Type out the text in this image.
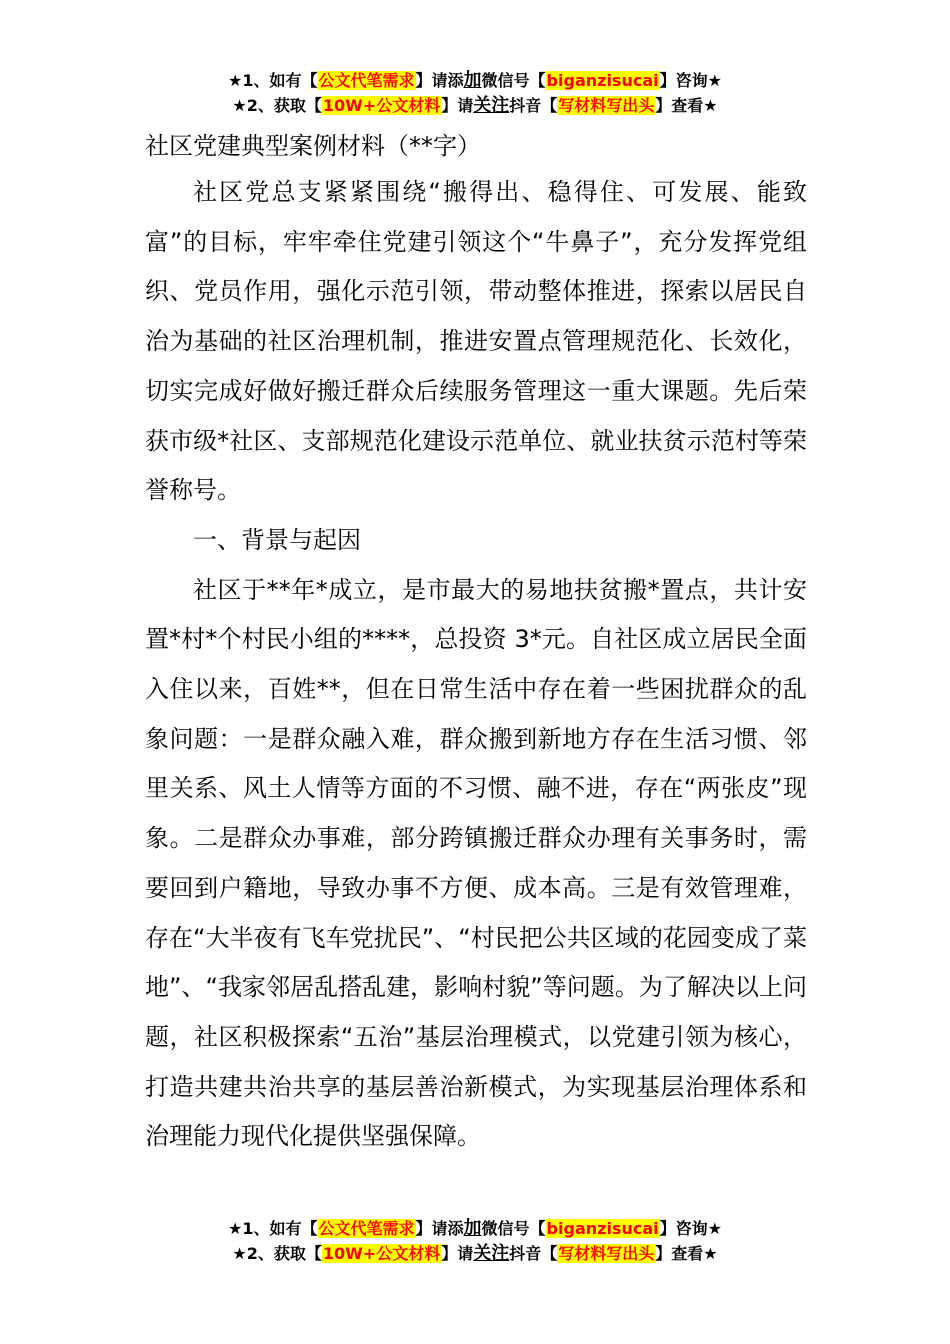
★1、如有【公文代笔需求】请添加微信号【biganzisucai】咨询★
★2、获取【10W+公文材料】请关注抖音【写材料写出头】查看★
社区党建典型案例材料（**字）

社区党总支紧紧围绕“搬得出、稳得住、可发展、能致富”的目标，牢牢牵住党建引领这个“牛鼻子”，充分发挥党组织、党员作用，强化示范引领，带动整体推进，探索以居民自治为基础的社区治理机制，推进安置点管理规范化、长效化，切实完成好做好搬迁群众后续服务管理这一重大课题。先后荣获市级*社区、支部规范化建设示范单位、就业扶贫示范村等荣誉称号。

一、背景与起因

社区于**年*成立，是市最大的易地扶贫搬*置点，共计安置*村*个村民小组的****，总投资 3*元。自社区成立居民全面入住以来，百姓**，但在日常生活中存在着一些困扰群众的乱象问题：一是群众融入难，群众搬到新地方存在生活习惯、邻里关系、风土人情等方面的不习惯、融不进，存在“两张皮”现象。二是群众办事难，部分跨镇搬迁群众办理有关事务时，需要回到户籍地，导致办事不方便、成本高。三是有效管理难，存在“大半夜有飞车党扰民”、“村民把公共区域的花园变成了菜地”、“我家邻居乱搭乱建，影响村貌”等问题。为了解决以上问题，社区积极探索“五治”基层治理模式，以党建引领为核心，打造共建共治共享的基层善治新模式，为实现基层治理体系和治理能力现代化提供坚强保障。

★1、如有【公文代笔需求】请添加微信号【biganzisucai】咨询★
★2、获取【10W+公文材料】请关注抖音【写材料写出头】查看★
